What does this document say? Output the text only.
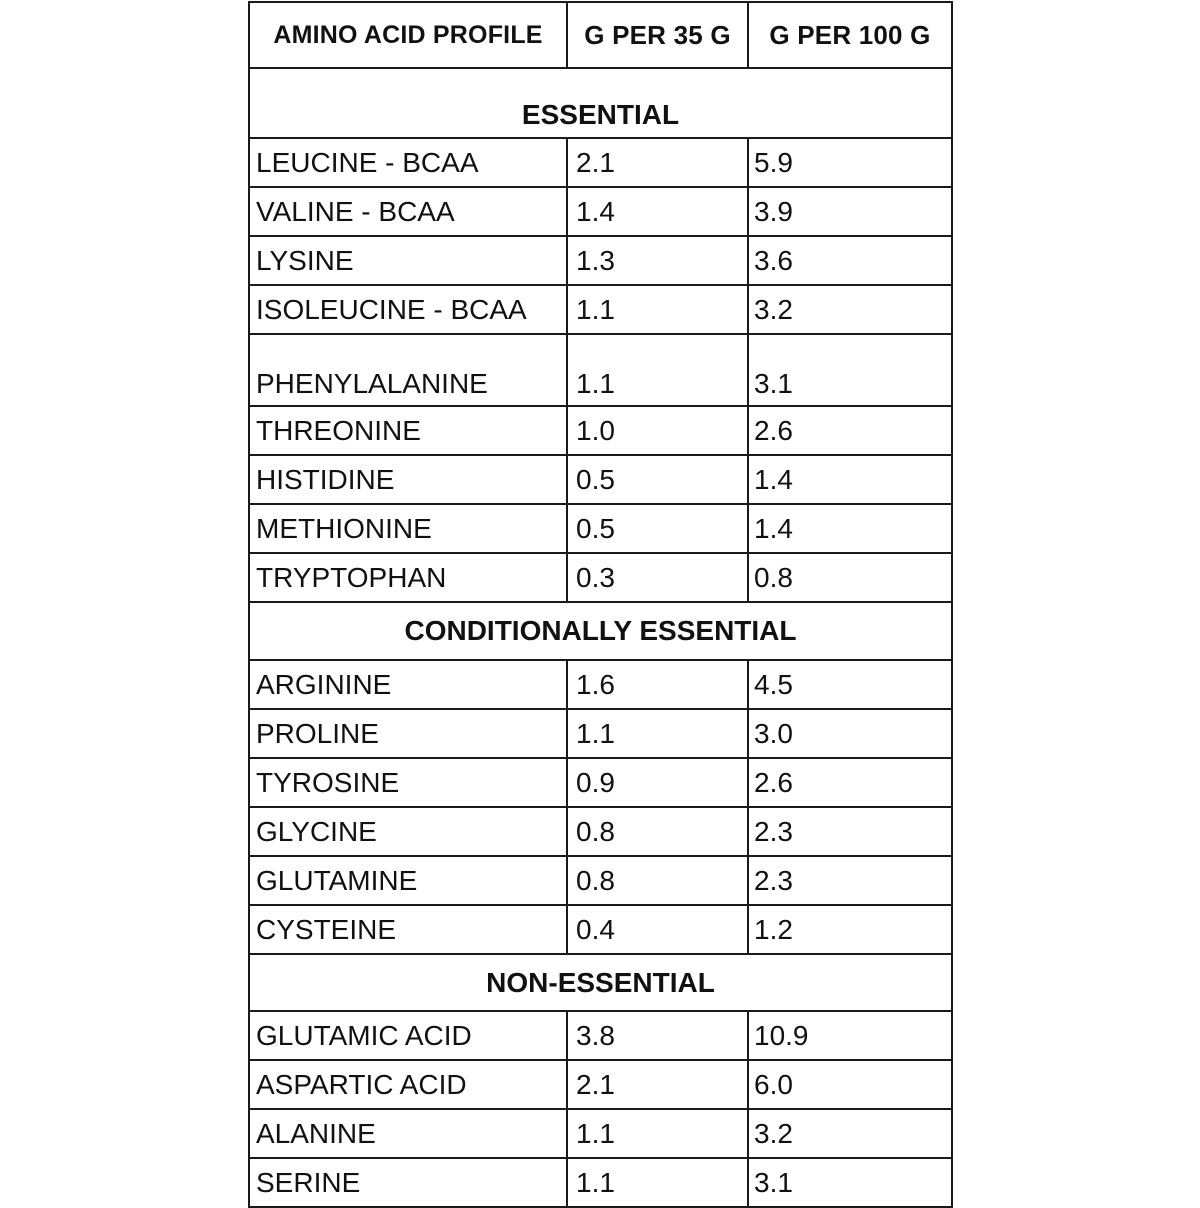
AMINO ACID PROFILE	G PER 35 G	G PER 100 G
ESSENTIAL		
LEUCINE - BCAA	2.1	5.9
VALINE - BCAA	1.4	3.9
LYSINE	1.3	3.6
ISOLEUCINE - BCAA	1.1	3.2
PHENYLALANINE	1.1	3.1
THREONINE	1.0	2.6
HISTIDINE	0.5	1.4
METHIONINE	0.5	1.4
TRYPTOPHAN	0.3	0.8
CONDITIONALLY ESSENTIAL		
ARGININE	1.6	4.5
PROLINE	1.1	3.0
TYROSINE	0.9	2.6
GLYCINE	0.8	2.3
GLUTAMINE	0.8	2.3
CYSTEINE	0.4	1.2
NON-ESSENTIAL		
GLUTAMIC ACID	3.8	10.9
ASPARTIC ACID	2.1	6.0
ALANINE	1.1	3.2
SERINE	1.1	3.1
